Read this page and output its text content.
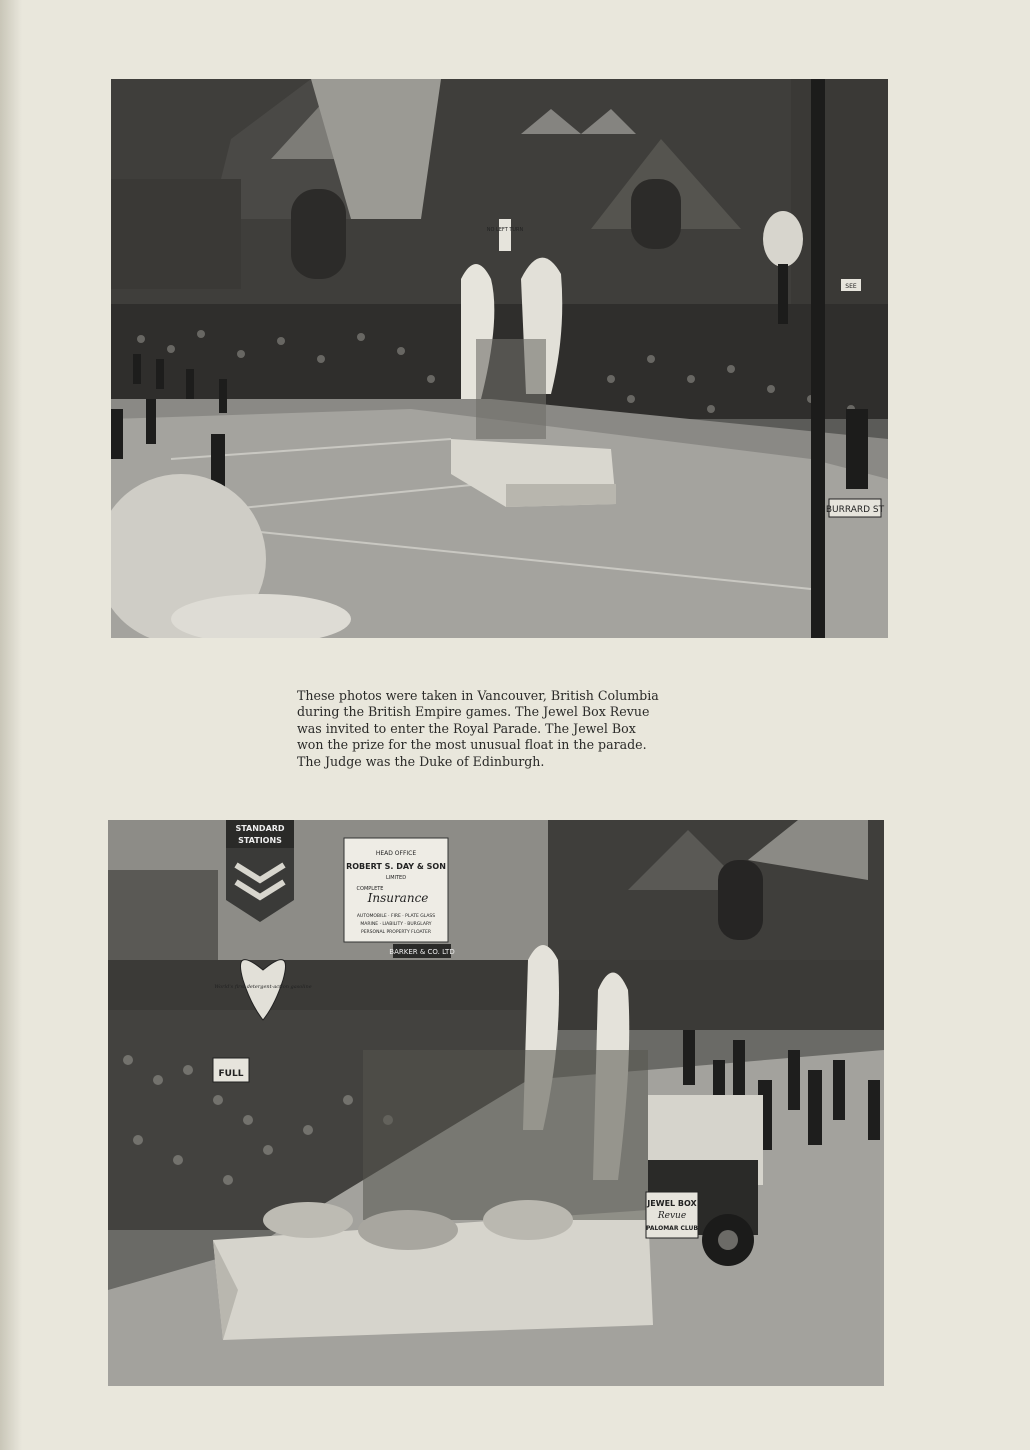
BURRARD ST
NO LEFT TURN
SEE
These photos were taken in Vancouver, British Columbia
during the British Empire games. The Jewel Box Revue
was invited to enter the Royal Parade. The Jewel Box
won the prize for the most unusual float in the parade.
The Judge was the Duke of Edinburgh.
HEAD OFFICE
ROBERT S. DAY & SON
LIMITED
COMPLETE
Insurance
AUTOMOBILE · FIRE · PLATE GLASS
MARINE · LIABILITY · BURGLARY
PERSONAL PROPERTY FLOATER
BARKER & CO. LTD
STANDARD
STATIONS
World's first detergent-action gasoline
FULL
JEWEL BOX
Revue
PALOMAR CLUB
